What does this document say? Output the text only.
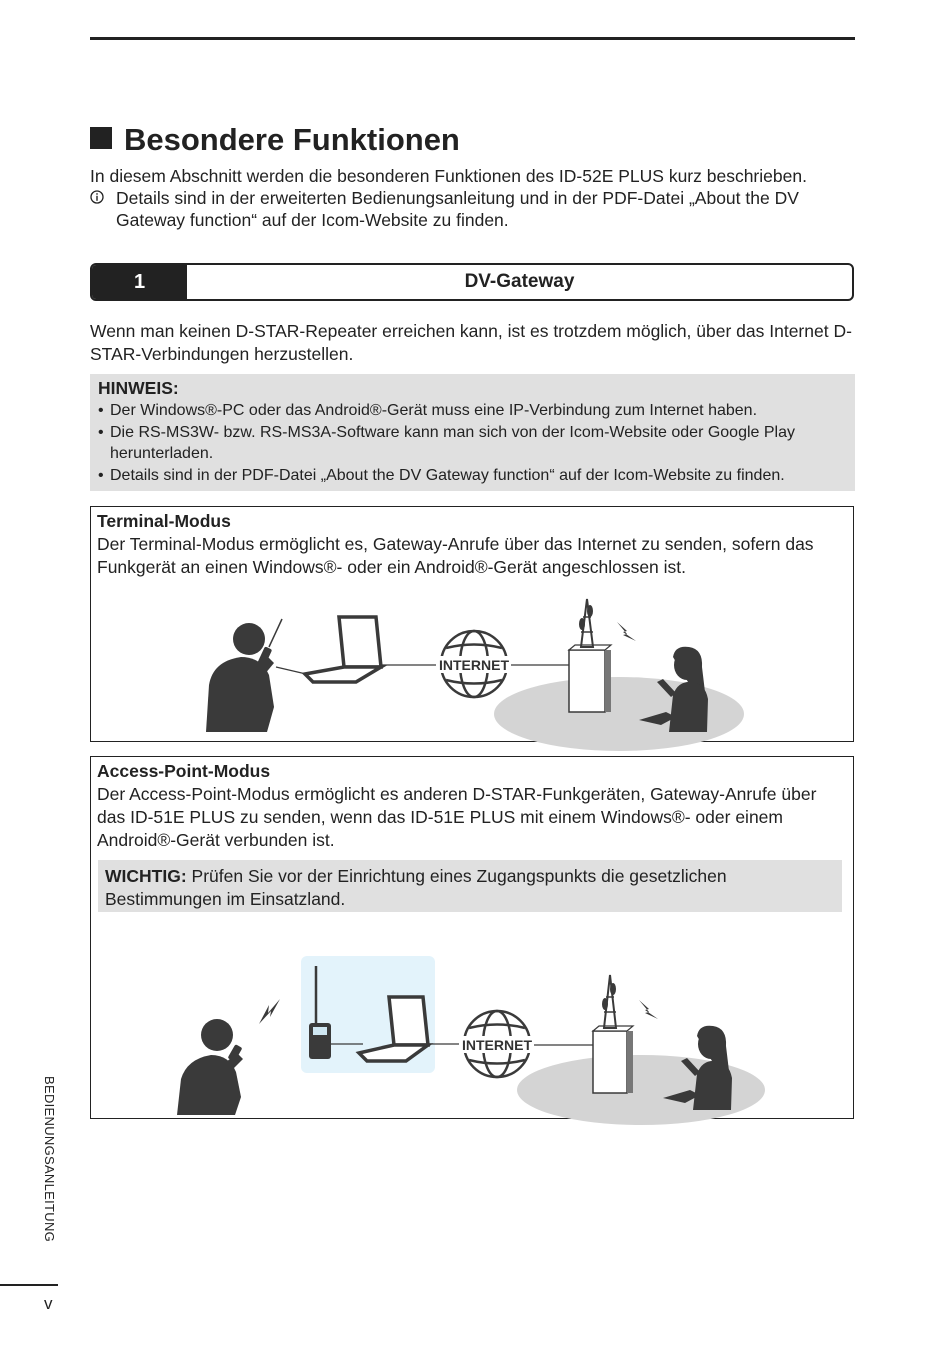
Besondere Funktionen
In diesem Abschnitt werden die besonderen Funktionen des ID-52E PLUS kurz beschrieben.
Details sind in der erweiterten Bedienungsanleitung und in der PDF-Datei „About the DV Gateway function“ auf der Icom-Website zu finden.
1	DV-Gateway
Wenn man keinen D-STAR-Repeater erreichen kann, ist es trotzdem möglich, über das Internet D-STAR-Verbindungen herzustellen.
HINWEIS:
• Der Windows®-PC oder das Android®-Gerät muss eine IP-Verbindung zum Internet haben.
• Die RS-MS3W- bzw. RS-MS3A-Software kann man sich von der Icom-Website oder Google Play herunterladen.
• Details sind in der PDF-Datei „About the DV Gateway function“ auf der Icom-Website zu finden.
Terminal-Modus
Der Terminal-Modus ermöglicht es, Gateway-Anrufe über das Internet zu senden, sofern das Funkgerät an einen Windows®- oder ein Android®-Gerät angeschlossen ist.
INTERNET
Access-Point-Modus
Der Access-Point-Modus ermöglicht es anderen D-STAR-Funkgeräten, Gateway-Anrufe über das ID-51E PLUS zu senden, wenn das ID-51E PLUS mit einem Windows®- oder einem Android®-Gerät verbunden ist.
WICHTIG: Prüfen Sie vor der Einrichtung eines Zugangspunkts die gesetzlichen Bestimmungen im Einsatzland.
INTERNET
BEDIENUNGSANLEITUNG
v
